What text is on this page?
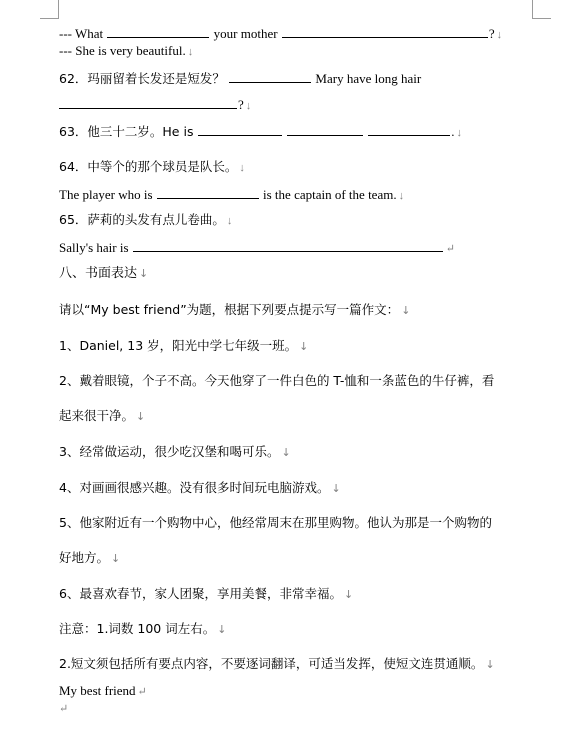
--- What	your mother	? ↓
--- She is very beautiful. ↓
62．玛丽留着长发还是短发？	Mary have long hair
? ↓
63．他三十二岁。He is	. ↓
64．中等个的那个球员是队长。 ↓
The player who is	is the captain of the team. ↓
65．萨莉的头发有点儿卷曲。 ↓
Sally's hair is	↵
八、书面表达 ↓
请以“My best friend”为题，根据下列要点提示写一篇作文： ↓
1、Daniel, 13 岁，阳光中学七年级一班。 ↓
2、戴着眼镜，个子不高。今天他穿了一件白色的 T-恤和一条蓝色的牛仔裤，看
起来很干净。 ↓
3、经常做运动，很少吃汉堡和喝可乐。 ↓
4、对画画很感兴趣。没有很多时间玩电脑游戏。 ↓
5、他家附近有一个购物中心，他经常周末在那里购物。他认为那是一个购物的
好地方。 ↓
6、最喜欢春节，家人团聚，享用美餐，非常幸福。 ↓
注意：1.词数 100 词左右。 ↓
2.短文须包括所有要点内容，不要逐词翻译，可适当发挥，使短文连贯通顺。 ↓
My best friend ↵
↵
